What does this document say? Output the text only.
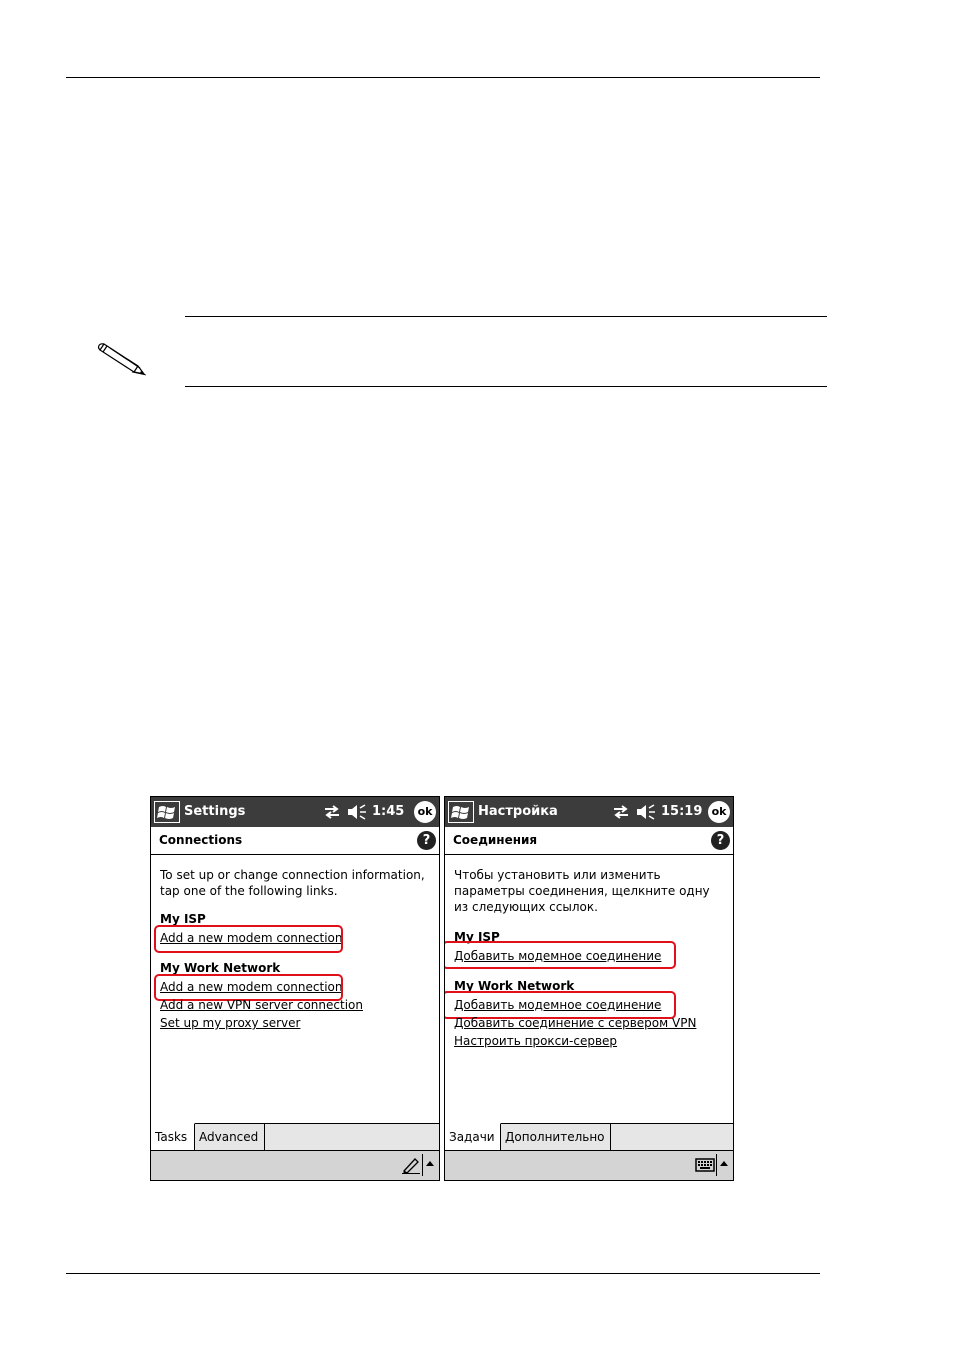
Settings	1:45	ok
Connections	?
To set up or change connection information, tap one of the following links.
My ISP
Add a new modem connection
My Work Network
Add a new modem connection
Add a new VPN server connection
Set up my proxy server
Tasks Advanced
Настройка	15:19 ok
Соединения	?
Чтобы установить или изменить параметры соединения, щелкните одну из следующих ссылок.
My ISP
Добавить модемное соединение
My Work Network
Добавить модемное соединение
Добавить соединение с сервером VPN
Настроить прокси-сервер
Задачи Дополнительно
